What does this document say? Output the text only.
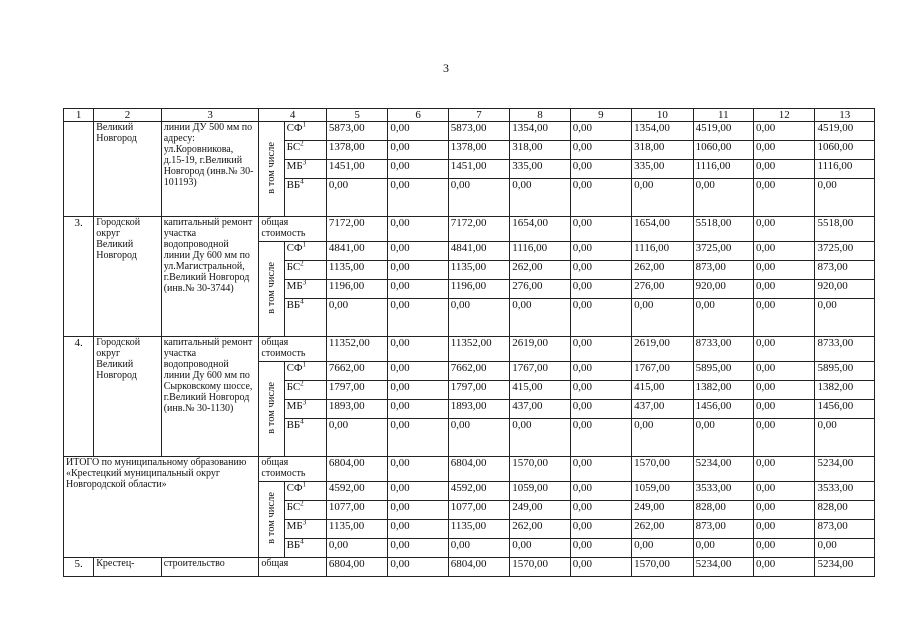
3
1	2	3	4		5	6	7	8	9	10	11	12	13
	Великий Новгород	линии ДУ 500 мм по адресу: ул.Коровникова, д.15-19, г.Великий Новгород (инв.№ 30-101193)	в том числе	$СФ^1$	5873,00	0,00	5873,00	1354,00	0,00	1354,00	4519,00	0,00	4519,00
				$БС^2$	1378,00	0,00	1378,00	318,00	0,00	318,00	1060,00	0,00	1060,00
				$МБ^3$	1451,00	0,00	1451,00	335,00	0,00	335,00	1116,00	0,00	1116,00
				$ВБ^4$	0,00	0,00	0,00	0,00	0,00	0,00	0,00	0,00	0,00
3.	Городской округ Великий Новгород	капитальный ремонт участка водопроводной линии Ду 600 мм по ул.Магистральной, г.Великий Новгород (инв.№ 30-3744)	общая стоимость		7172,00	0,00	7172,00	1654,00	0,00	1654,00	5518,00	0,00	5518,00
			в том числе	$СФ^1$	4841,00	0,00	4841,00	1116,00	0,00	1116,00	3725,00	0,00	3725,00
				$БС^2$	1135,00	0,00	1135,00	262,00	0,00	262,00	873,00	0,00	873,00
				$МБ^3$	1196,00	0,00	1196,00	276,00	0,00	276,00	920,00	0,00	920,00
				$ВБ^4$	0,00	0,00	0,00	0,00	0,00	0,00	0,00	0,00	0,00
4.	Городской округ Великий Новгород	капитальный ремонт участка водопроводной линии Ду 600 мм по Сырковскому шоссе, г.Великий Новгород (инв.№ 30-1130)	общая стоимость		11352,00	0,00	11352,00	2619,00	0,00	2619,00	8733,00	0,00	8733,00
			в том числе	$СФ^1$	7662,00	0,00	7662,00	1767,00	0,00	1767,00	5895,00	0,00	5895,00
				$БС^2$	1797,00	0,00	1797,00	415,00	0,00	415,00	1382,00	0,00	1382,00
				$МБ^3$	1893,00	0,00	1893,00	437,00	0,00	437,00	1456,00	0,00	1456,00
				$ВБ^4$	0,00	0,00	0,00	0,00	0,00	0,00	0,00	0,00	0,00
ИТОГО по муниципальному образованию «Крестецкий муниципальный округ Новгородской области»			общая стоимость		6804,00	0,00	6804,00	1570,00	0,00	1570,00	5234,00	0,00	5234,00
			в том числе	$СФ^1$	4592,00	0,00	4592,00	1059,00	0,00	1059,00	3533,00	0,00	3533,00
				$БС^2$	1077,00	0,00	1077,00	249,00	0,00	249,00	828,00	0,00	828,00
				$МБ^3$	1135,00	0,00	1135,00	262,00	0,00	262,00	873,00	0,00	873,00
				$ВБ^4$	0,00	0,00	0,00	0,00	0,00	0,00	0,00	0,00	0,00
5.	Крестец-	строительство	общая		6804,00	0,00	6804,00	1570,00	0,00	1570,00	5234,00	0,00	5234,00
